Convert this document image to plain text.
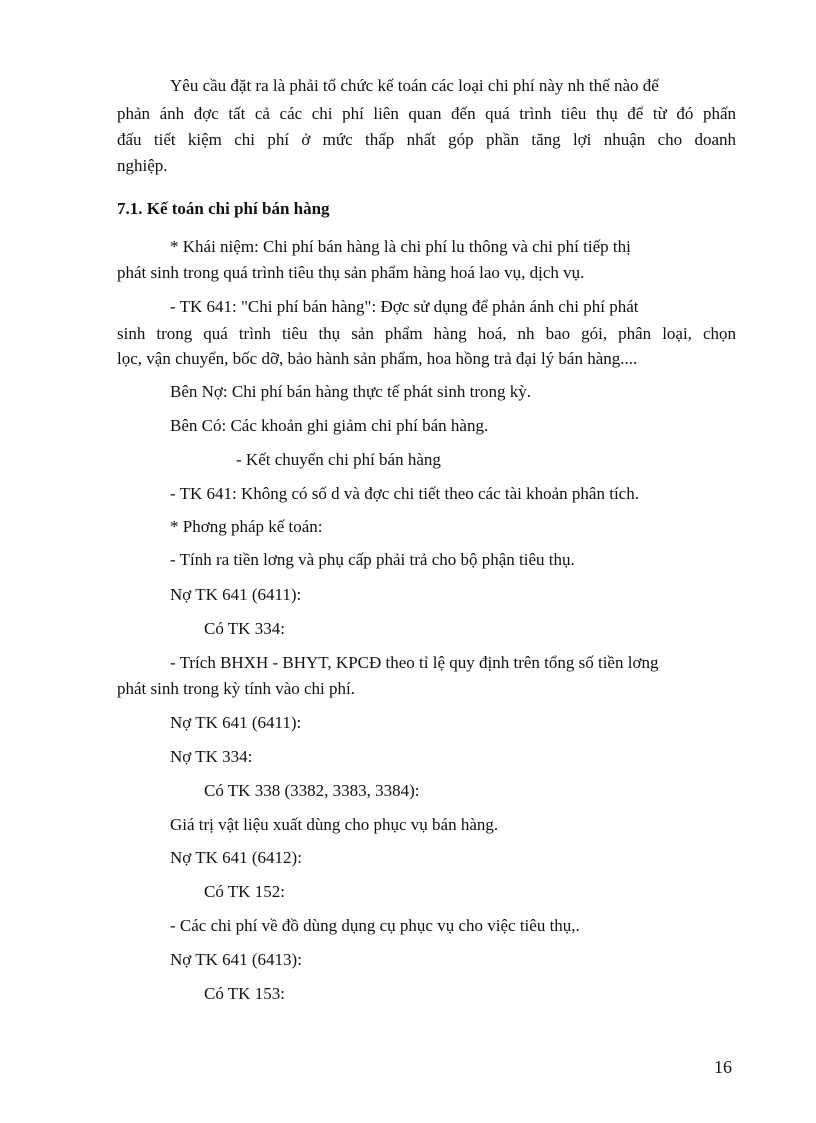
Yêu cầu đặt ra là phải tổ chức kế toán các loại chi phí này nh thế nào để
phản ánh đợc tất cả các chi phí liên quan đến quá trình tiêu thụ để từ đó phấn
đấu tiết kiệm chi phí ở mức thấp nhất góp phần tăng lợi nhuận cho doanh
nghiệp.
7.1. Kế toán chi phí bán hàng
* Khái niệm: Chi phí bán hàng là chi phí lu thông và chi phí tiếp thị
phát sinh trong quá trình tiêu thụ sản phẩm hàng hoá lao vụ, dịch vụ.
- TK 641: "Chi phí bán hàng": Đợc sử dụng để phản ánh chi phí phát
sinh trong quá trình tiêu thụ sản phẩm hàng hoá, nh bao gói, phân loại, chọn
lọc, vận chuyển, bốc dỡ, bảo hành sản phẩm, hoa hồng trả đại lý bán hàng....
Bên Nợ: Chi phí bán hàng thực tế phát sinh trong kỳ.
Bên Có: Các khoản ghi giảm chi phí bán hàng.
- Kết chuyển chi phí bán hàng
- TK 641: Không có số d và đợc chi tiết theo các tài khoản phân tích.
* Phơng pháp kế toán:
- Tính ra tiền lơng và phụ cấp phải trả cho bộ phận tiêu thụ.
Nợ TK 641 (6411):
Có TK 334:
- Trích BHXH - BHYT, KPCĐ theo tỉ lệ quy định trên tổng số tiền lơng
phát sinh trong kỳ tính vào chi phí.
Nợ TK 641 (6411):
Nợ TK 334:
Có TK 338 (3382, 3383, 3384):
Giá trị vật liệu xuất dùng cho phục vụ bán hàng.
Nợ TK 641 (6412):
Có TK 152:
- Các chi phí về đồ dùng dụng cụ phục vụ cho việc tiêu thụ,.
Nợ TK 641 (6413):
Có TK 153:
16
